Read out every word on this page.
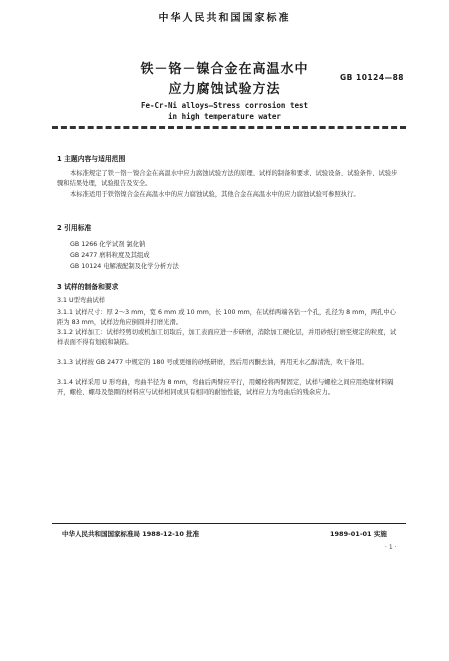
中华人民共和国国家标准
铁－铬－镍合金在高温水中
应力腐蚀试验方法
GB 10124—88
Fe-Cr-Ni alloys—Stress corrosion test
in high temperature water
1 主题内容与适用范围
本标准规定了铁－铬－镍合金在高温水中应力腐蚀试验方法的原理、试样的制备和要求、试验设备、试验条件、试验步骤和结果处理，试验报告及安全。
本标准适用于铁铬镍合金在高温水中的应力腐蚀试验，其他合金在高温水中的应力腐蚀试验可参照执行。
2 引用标准
GB 1266 化学试剂 氯化钠
GB 2477 磨料粒度及其组成
GB 10124 电解液配制及化学分析方法
3 试样的制备和要求
3.1 U型弯曲试样
3.1.1 试样尺寸：厚 2～3 mm，宽 6 mm 或 10 mm，长 100 mm，在试样两端各钻一个孔，孔径为 8 mm，两孔中心距为 83 mm，试样边角应倒圆并打磨光滑。
3.1.2 试样加工：试样经剪切或机加工切取后，加工表面应进一步研磨，消除加工硬化层，并用砂纸打磨至规定的粒度，试样表面不得有划痕和缺陷。
3.1.3 试样按 GB 2477 中规定的 180 号或更细的砂纸研磨，然后用丙酮去油，再用无水乙醇清洗，吹干备用。
3.1.4 试样采用 U 形弯曲，弯曲半径为 8 mm，弯曲后两臂应平行，用螺栓将两臂固定，试样与螺栓之间应用绝缘材料隔开，螺栓、螺母及垫圈的材料应与试样相同或具有相同的耐蚀性能，试样应力为弯曲后的残余应力。
中华人民共和国国家标准局 1988-12-10 批准	1989-01-01 实施
· 1 ·
